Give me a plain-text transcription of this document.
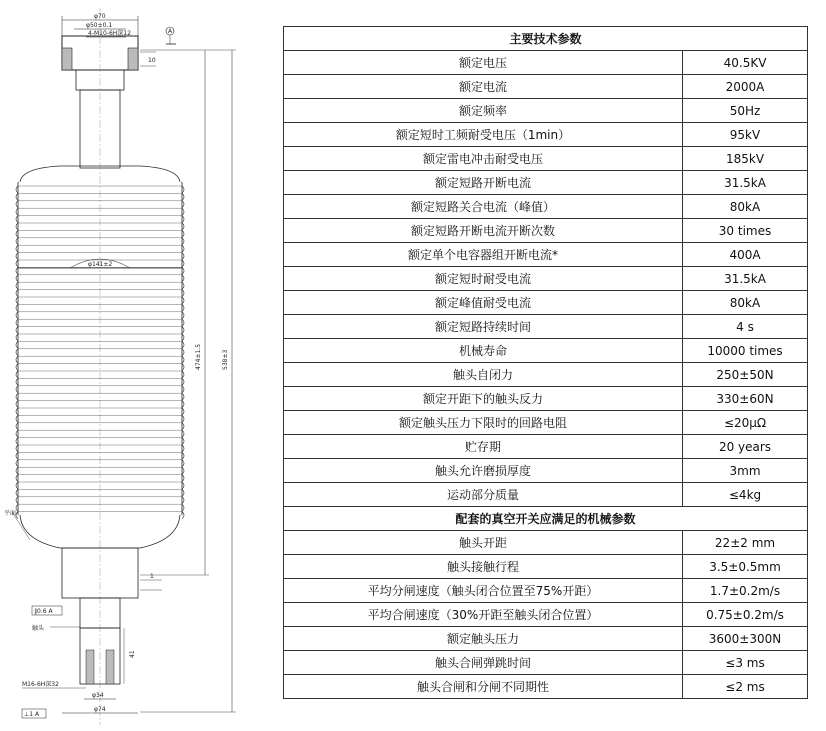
φ70
φ50±0.1
4-M10-6H深12	A
10
φ141±2
平面
474±1.5	538±3
1
∥0.6 A
触头
41
M16-6H深32
φ34
φ74
⊥1 A
主要技术参数	
额定电压	40.5KV
额定电流	2000A
额定频率	50Hz
额定短时工频耐受电压（1min）	95kV
额定雷电冲击耐受电压	185kV
额定短路开断电流	31.5kA
额定短路关合电流（峰值）	80kA
额定短路开断电流开断次数	30 times
额定单个电容器组开断电流*	400A
额定短时耐受电流	31.5kA
额定峰值耐受电流	80kA
额定短路持续时间	4 s
机械寿命	10000 times
触头自闭力	250±50N
额定开距下的触头反力	330±60N
额定触头压力下限时的回路电阻	≤20μΩ
贮存期	20 years
触头允许磨损厚度	3mm
运动部分质量	≤4kg
配套的真空开关应满足的机械参数	
触头开距	22±2 mm
触头接触行程	3.5±0.5mm
平均分闸速度（触头闭合位置至75%开距）	1.7±0.2m/s
平均合闸速度（30%开距至触头闭合位置）	0.75±0.2m/s
额定触头压力	3600±300N
触头合闸弹跳时间	≤3 ms
触头合闸和分闸不同期性	≤2 ms
